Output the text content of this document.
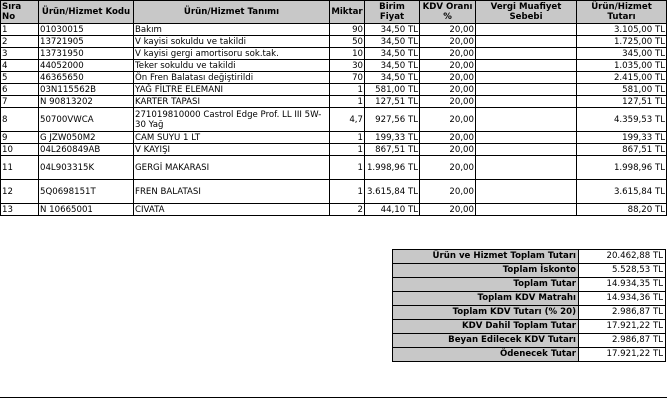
Sıra No	Ürün/Hizmet Kodu	Ürün/Hizmet Tanımı	Miktar	Birim Fiyat	KDV Oranı %	Vergi Muafiyet Sebebi	Ürün/Hizmet Tutarı
1	01030015	Bakım	90	34,50 TL	20,00		3.105,00 TL
2	13721905	V kayisi sokuldu ve takildi	50	34,50 TL	20,00		1.725,00 TL
3	13731950	V kayisi gergi amortisoru sok.tak.	10	34,50 TL	20,00		345,00 TL
4	44052000	Teker sokuldu ve takildi	30	34,50 TL	20,00		1.035,00 TL
5	46365650	Ön Fren Balatası değiştirildi	70	34,50 TL	20,00		2.415,00 TL
6	03N115562B	YAĞ FİLTRE ELEMANI	1	581,00 TL	20,00		581,00 TL
7	N 90813202	KARTER TAPASI	1	127,51 TL	20,00		127,51 TL
8	50700VWCA	271019810000 Castrol Edge Prof. LL III 5W-30 Yağ	4,7	927,56 TL	20,00		4.359,53 TL
9	G JZW050M2	CAM SUYU 1 LT	1	199,33 TL	20,00		199,33 TL
10	04L260849AB	V KAYIŞI	1	867,51 TL	20,00		867,51 TL
11	04L903315K	GERGİ MAKARASI	1	1.998,96 TL	20,00		1.998,96 TL
12	5Q0698151T	FREN BALATASI	1	3.615,84 TL	20,00		3.615,84 TL
13	N 10665001	CIVATA	2	44,10 TL	20,00		88,20 TL
Ürün ve Hizmet Toplam Tutarı	20.462,88 TL
Toplam İskonto	5.528,53 TL
Toplam Tutar	14.934,35 TL
Toplam KDV Matrahı	14.934,36 TL
Toplam KDV Tutarı (% 20)	2.986,87 TL
KDV Dahil Toplam Tutar	17.921,22 TL
Beyan Edilecek KDV Tutarı	2.986,87 TL
Ödenecek Tutar	17.921,22 TL
